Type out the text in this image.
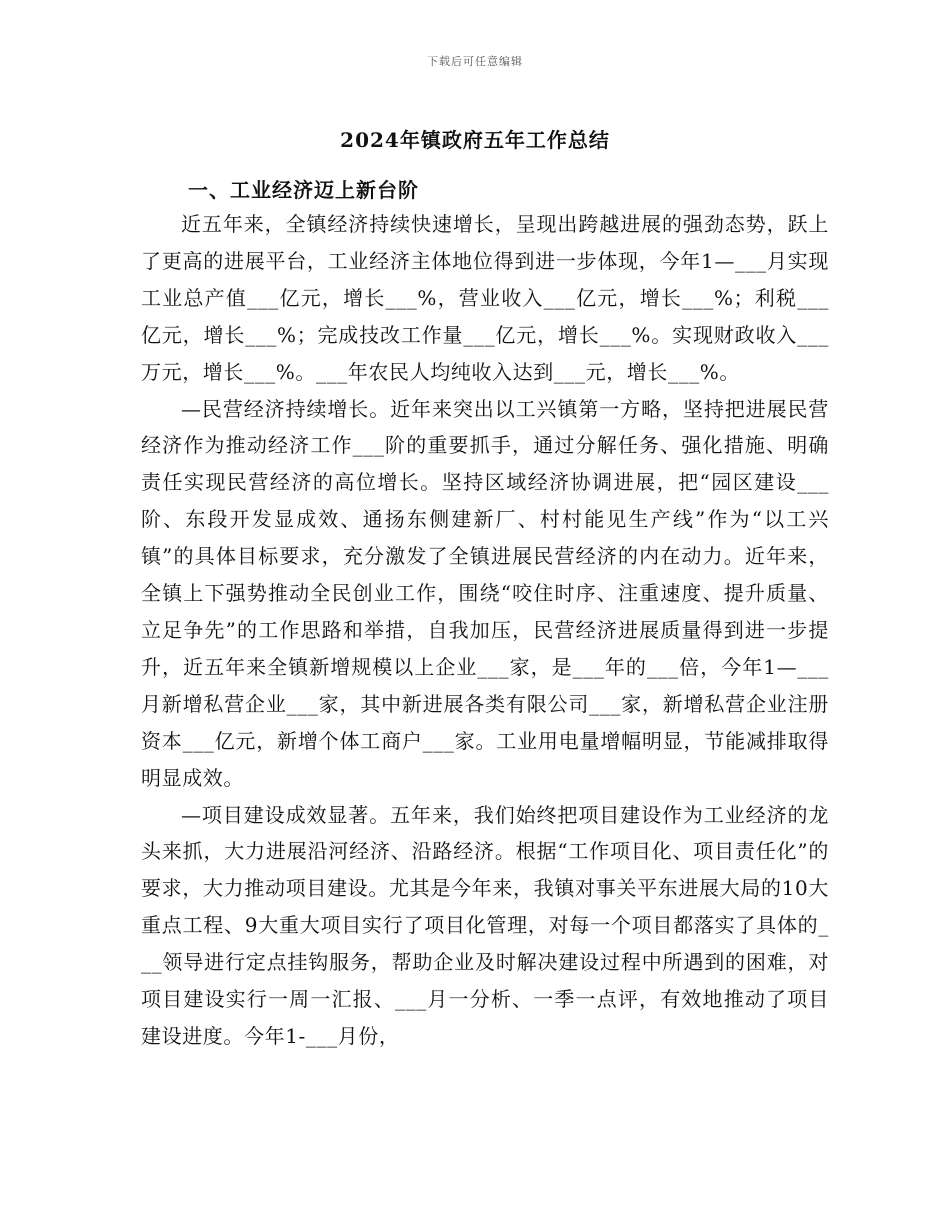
下载后可任意编辑
2024年镇政府五年工作总结
一、工业经济迈上新台阶

近五年来，全镇经济持续快速增长，呈现出跨越进展的强劲态势，跃上了更高的进展平台，工业经济主体地位得到进一步体现，今年1—___月实现工业总产值___亿元，增长___%，营业收入___亿元，增长___%；利税___亿元，增长___%；完成技改工作量___亿元，增长___%。实现财政收入___万元，增长___%。___年农民人均纯收入达到___元，增长___%。

—民营经济持续增长。近年来突出以工兴镇第一方略，坚持把进展民营经济作为推动经济工作___阶的重要抓手，通过分解任务、强化措施、明确责任实现民营经济的高位增长。坚持区域经济协调进展，把“园区建设___阶、东段开发显成效、通扬东侧建新厂、村村能见生产线”作为“以工兴镇”的具体目标要求，充分激发了全镇进展民营经济的内在动力。近年来，全镇上下强势推动全民创业工作，围绕“咬住时序、注重速度、提升质量、立足争先”的工作思路和举措，自我加压，民营经济进展质量得到进一步提升，近五年来全镇新增规模以上企业___家，是___年的___倍，今年1—___月新增私营企业___家，其中新进展各类有限公司___家，新增私营企业注册资本___亿元，新增个体工商户___家。工业用电量增幅明显，节能减排取得明显成效。

—项目建设成效显著。五年来，我们始终把项目建设作为工业经济的龙头来抓，大力进展沿河经济、沿路经济。根据“工作项目化、项目责任化”的要求，大力推动项目建设。尤其是今年来，我镇对事关平东进展大局的10大重点工程、9大重大项目实行了项目化管理，对每一个项目都落实了具体的___领导进行定点挂钩服务，帮助企业及时解决建设过程中所遇到的困难，对项目建设实行一周一汇报、___月一分析、一季一点评，有效地推动了项目建设进度。今年1-___月份，
